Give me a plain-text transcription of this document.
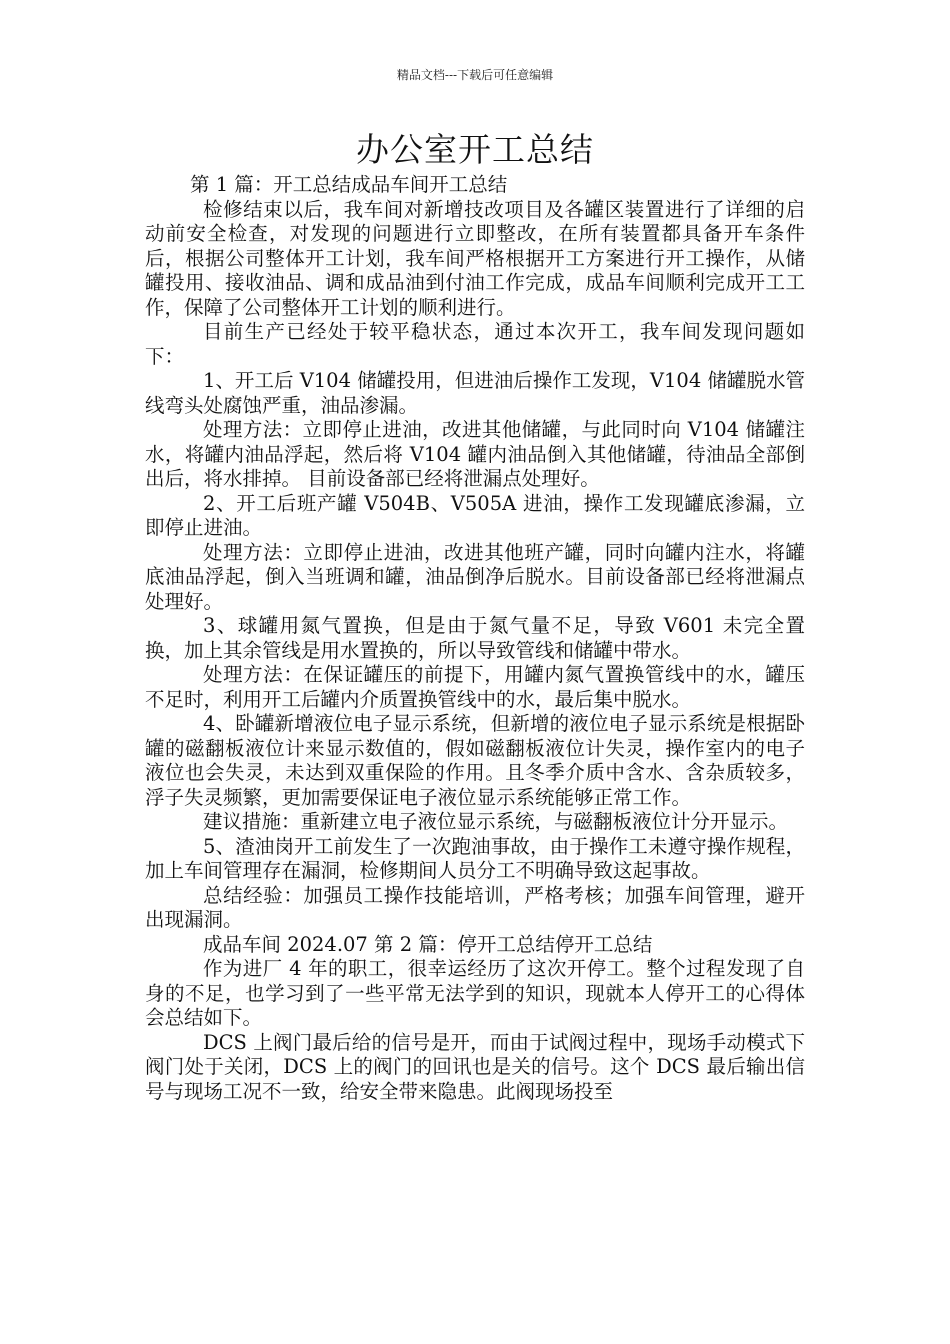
精品文档---下载后可任意编辑
办公室开工总结

第 1 篇：开工总结成品车间开工总结

检修结束以后，我车间对新增技改项目及各罐区装置进行了详细的启动前安全检查，对发现的问题进行立即整改，在所有装置都具备开车条件后，根据公司整体开工计划，我车间严格根据开工方案进行开工操作，从储罐投用、接收油品、调和成品油到付油工作完成，成品车间顺利完成开工工作，保障了公司整体开工计划的顺利进行。

目前生产已经处于较平稳状态，通过本次开工，我车间发现问题如下：

1、开工后 V104 储罐投用，但进油后操作工发现，V104 储罐脱水管线弯头处腐蚀严重，油品渗漏。

处理方法：立即停止进油，改进其他储罐，与此同时向 V104 储罐注水，将罐内油品浮起，然后将 V104 罐内油品倒入其他储罐，待油品全部倒出后，将水排掉。 目前设备部已经将泄漏点处理好。

2、开工后班产罐 V504B、V505A 进油，操作工发现罐底渗漏，立即停止进油。

处理方法：立即停止进油，改进其他班产罐，同时向罐内注水，将罐底油品浮起，倒入当班调和罐，油品倒净后脱水。目前设备部已经将泄漏点处理好。

3、球罐用氮气置换，但是由于氮气量不足，导致 V601 未完全置换，加上其余管线是用水置换的，所以导致管线和储罐中带水。

处理方法：在保证罐压的前提下，用罐内氮气置换管线中的水，罐压不足时，利用开工后罐内介质置换管线中的水，最后集中脱水。

4、卧罐新增液位电子显示系统，但新增的液位电子显示系统是根据卧罐的磁翻板液位计来显示数值的，假如磁翻板液位计失灵，操作室内的电子液位也会失灵，未达到双重保险的作用。且冬季介质中含水、含杂质较多，浮子失灵频繁，更加需要保证电子液位显示系统能够正常工作。

建议措施：重新建立电子液位显示系统，与磁翻板液位计分开显示。

5、渣油岗开工前发生了一次跑油事故，由于操作工未遵守操作规程，加上车间管理存在漏洞，检修期间人员分工不明确导致这起事故。

总结经验：加强员工操作技能培训，严格考核；加强车间管理，避开出现漏洞。

成品车间 2024.07 第 2 篇：停开工总结停开工总结

作为进厂 4 年的职工，很幸运经历了这次开停工。整个过程发现了自身的不足，也学习到了一些平常无法学到的知识，现就本人停开工的心得体会总结如下。

DCS 上阀门最后给的信号是开，而由于试阀过程中，现场手动模式下阀门处于关闭，DCS 上的阀门的回讯也是关的信号。这个 DCS 最后输出信号与现场工况不一致，给安全带来隐患。此阀现场投至
